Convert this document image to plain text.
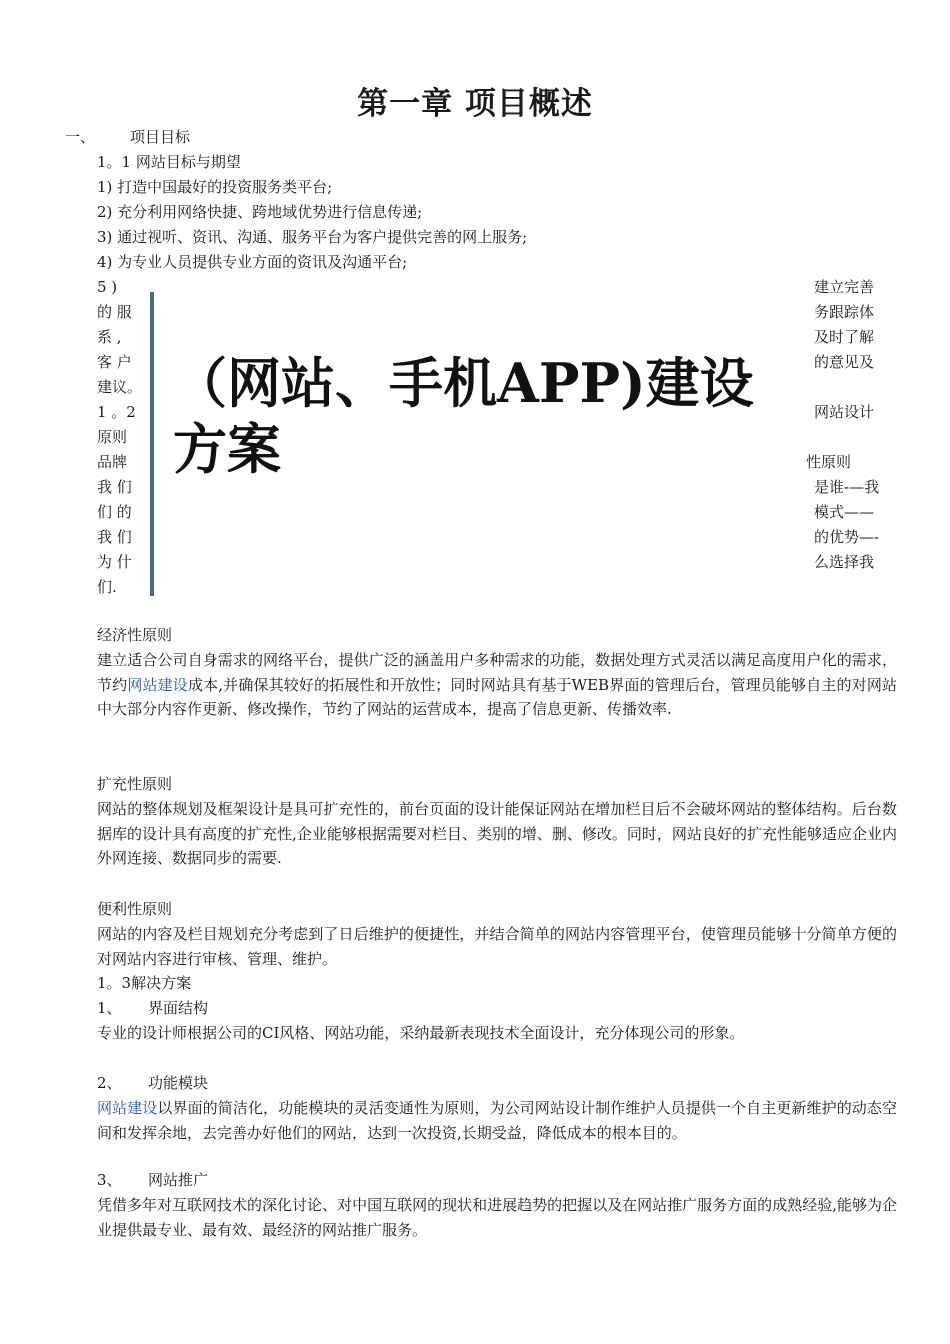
第一章 项目概述
一、 项目目标
1。1 网站目标与期望
1) 打造中国最好的投资服务类平台;
2) 充分利用网络快捷、跨地域优势进行信息传递;
3) 通过视听、资讯、沟通、服务平台为客户提供完善的网上服务;
4) 为专业人员提供专业方面的资讯及沟通平台;
5 )
的 服
系 ,
客 户
建议。
1 。2
原则
品牌
我 们
们 的
我 们
为 什
们.
建立完善
务跟踪体
及时了解
的意见及
网站设计
性原则
是谁-—我
模式——
的优势—-
么选择我
（网站、手机APP)建设方案
经济性原则
建立适合公司自身需求的网络平台，提供广泛的涵盖用户多种需求的功能，数据处理方式灵活以满足高度用户化的需求，节约网站建设成本,并确保其较好的拓展性和开放性；同时网站具有基于WEB界面的管理后台，管理员能够自主的对网站中大部分内容作更新、修改操作，节约了网站的运营成本，提高了信息更新、传播效率.
扩充性原则
网站的整体规划及框架设计是具可扩充性的，前台页面的设计能保证网站在增加栏目后不会破坏网站的整体结构。后台数据库的设计具有高度的扩充性,企业能够根据需要对栏目、类别的增、删、修改。同时，网站良好的扩充性能够适应企业内外网连接、数据同步的需要.
便利性原则
网站的内容及栏目规划充分考虑到了日后维护的便捷性，并结合简单的网站内容管理平台，使管理员能够十分简单方便的对网站内容进行审核、管理、维护。
1。3解决方案
1、 界面结构
专业的设计师根据公司的CI风格、网站功能，采纳最新表现技术全面设计，充分体现公司的形象。
2、 功能模块
网站建设以界面的简洁化，功能模块的灵活变通性为原则，为公司网站设计制作维护人员提供一个自主更新维护的动态空间和发挥余地，去完善办好他们的网站，达到一次投资,长期受益，降低成本的根本目的。
3、 网站推广
凭借多年对互联网技术的深化讨论、对中国互联网的现状和进展趋势的把握以及在网站推广服务方面的成熟经验,能够为企业提供最专业、最有效、最经济的网站推广服务。
